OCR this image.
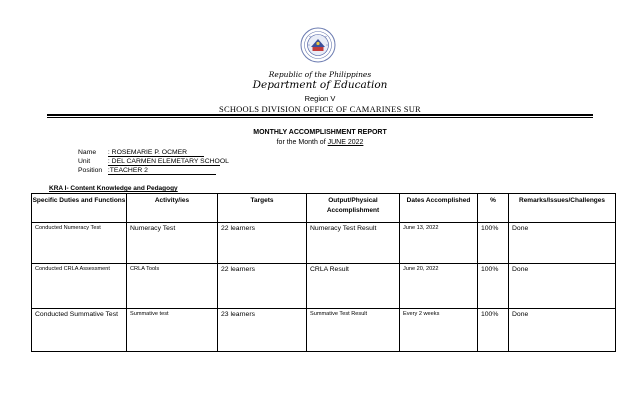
Republic of the Philippines
Department of Education
Region V
SCHOOLS DIVISION OFFICE OF CAMARINES SUR
MONTHLY ACCOMPLISHMENT REPORT
for the Month of JUNE 2022
Name : ROSEMARIE P. OCMER
Unit	: DEL CARMEN ELEMETARY SCHOOL
Position :TEACHER 2
KRA I- Content Knowledge and Pedagogy
Specific Duties and Functions	Activity/ies	Targets	Output/Physical Accomplishment	Dates Accomplished	%	Remarks/Issues/Challenges
Conducted Numeracy Test	Numeracy Test	22 learners	Numeracy Test Result	June 13, 2022	100%	Done
Conducted CRLA Assessment	CRLA Tools	22 learners	CRLA Result	June 20, 2022	100%	Done
Conducted Summative Test	Summative test	23 learners	Summative Test Result	Every 2 weeks	100%	Done
